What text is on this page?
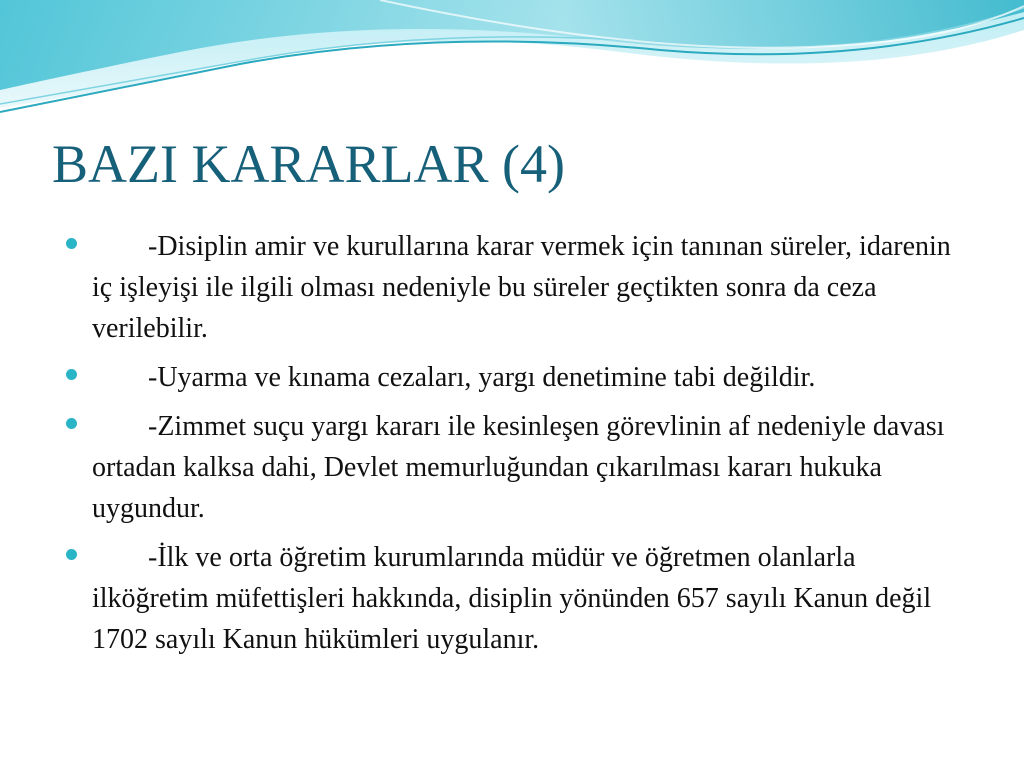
BAZI KARARLAR (4)
-Disiplin amir ve kurullarına karar vermek için tanınan süreler, idarenin iç işleyişi ile ilgili olması nedeniyle bu süreler geçtikten sonra da ceza verilebilir.
-Uyarma ve kınama cezaları, yargı denetimine tabi değildir.
-Zimmet suçu yargı kararı ile kesinleşen görevlinin af nedeniyle davası ortadan kalksa dahi, Devlet memurluğundan çıkarılması kararı hukuka uygundur.
-İlk ve orta öğretim kurumlarında müdür ve öğretmen olanlarla ilköğretim müfettişleri hakkında, disiplin yönünden 657 sayılı Kanun değil 1702 sayılı Kanun hükümleri uygulanır.
